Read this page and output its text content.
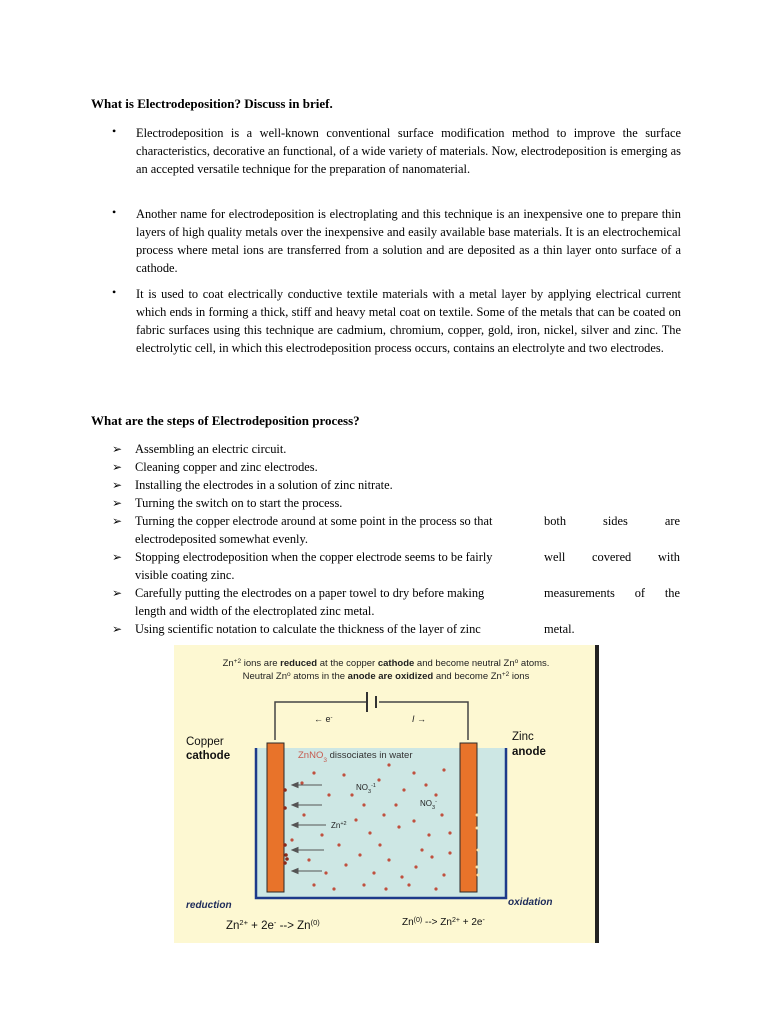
What is Electrodeposition? Discuss in brief.
• Electrodeposition is a well-known conventional surface modification method to improve the surface characteristics, decorative an functional, of a wide variety of materials. Now, electrodeposition is emerging as an accepted versatile technique for the preparation of nanomaterial.
• Another name for electrodeposition is electroplating and this technique is an inexpensive one to prepare thin layers of high quality metals over the inexpensive and easily available base materials. It is an electrochemical process where metal ions are transferred from a solution and are deposited as a thin layer onto surface of a cathode.
• It is used to coat electrically conductive textile materials with a metal layer by applying electrical current which ends in forming a thick, stiff and heavy metal coat on textile. Some of the metals that can be coated on fabric surfaces using this technique are cadmium, chromium, copper, gold, iron, nickel, silver and zinc. The electrolytic cell, in which this electrodeposition process occurs, contains an electrolyte and two electrodes.
What are the steps of Electrodeposition process?
➢ Assembling an electric circuit.
➢ Cleaning copper and zinc electrodes.
➢ Installing the electrodes in a solution of zinc nitrate.
➢ Turning the switch on to start the process.
➢ Turning the copper electrode around at some point in the process so that	both	sides	are
electrodeposited somewhat evenly.
➢ Stopping electrodeposition when the copper electrode seems to be fairly	well covered with
visible coating zinc.
➢ Carefully putting the electrodes on a paper towel to dry before making	measurements of the
length and width of the electroplated zinc metal.
➢ Using scientific notation to calculate the thickness of the layer of zinc	metal.
$Zn^{+2}$ ions are reduced at the copper cathode and become neutral Zn$^o$ atoms.
Neutral Zn$^o$ atoms in the anode are oxidized and become $Zn^{+2}$ ions
← e-	I →
Copper
cathode
Zinc
anode
ZnNO$_3$ dissociates in water
$NO_3^{-1}$
$NO_3^-$
$Zn^{+2}$
reduction	oxidation
$Zn^{2+} + 2e^-$ --> $Zn^{(0)}$	Zn$^{(0)}$ --> $Zn^{2+} + 2e^-$
